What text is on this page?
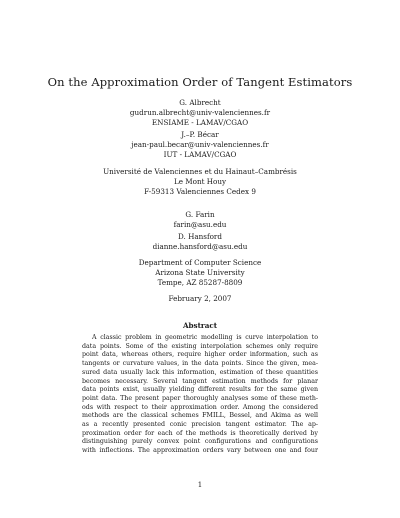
On the Approximation Order of Tangent Estimators
G. Albrecht
gudrun.albrecht@univ-valenciennes.fr
ENSIAME - LAMAV/CGAO
J.–P. Bécar
jean-paul.becar@univ-valenciennes.fr
IUT - LAMAV/CGAO
Université de Valenciennes et du Hainaut–Cambrésis
Le Mont Houy
F-59313 Valenciennes Cedex 9
G. Farin
farin@asu.edu
D. Hansford
dianne.hansford@asu.edu
Department of Computer Science
Arizona State University
Tempe, AZ 85287-8809
February 2, 2007
Abstract
A classic problem in geometric modelling is curve interpolation to
data points. Some of the existing interpolation schemes only require
point data, whereas others, require higher order information, such as
tangents or curvature values, in the data points. Since the given, mea-
sured data usually lack this information, estimation of these quantities
becomes necessary. Several tangent estimation methods for planar
data points exist, usually yielding different results for the same given
point data. The present paper thoroughly analyses some of these meth-
ods with respect to their approximation order. Among the considered
methods are the classical schemes FMILL, Bessel, and Akima as well
as a recently presented conic precision tangent estimator. The ap-
proximation order for each of the methods is theoretically derived by
distinguishing purely convex point configurations and configurations
with inflections. The approximation orders vary between one and four
1
